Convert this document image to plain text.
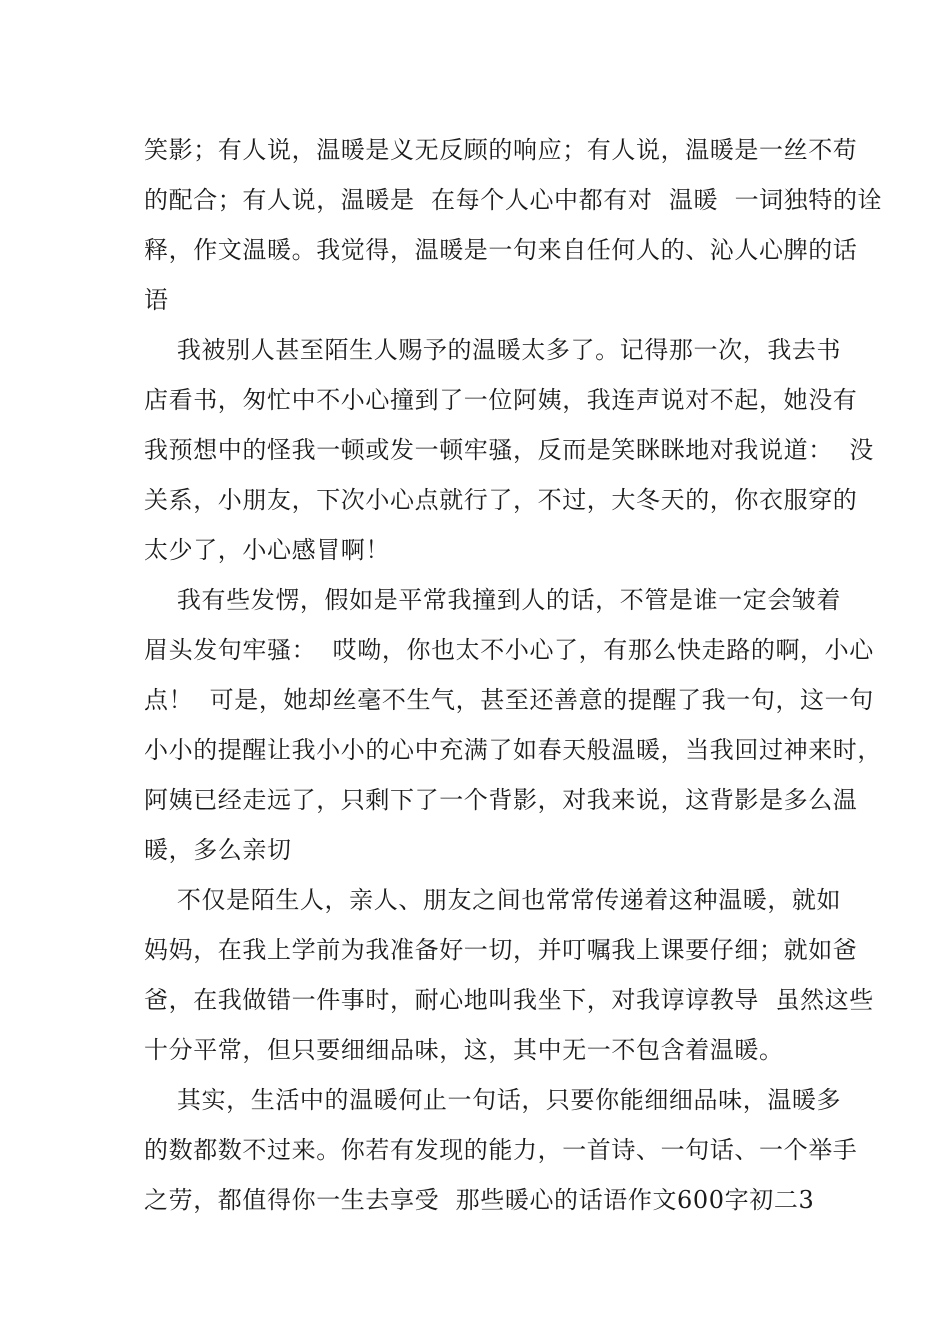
笑影；有人说，温暖是义无反顾的响应；有人说，温暖是一丝不苟
的配合；有人说，温暖是  在每个人心中都有对  温暖  一词独特的诠
释，作文温暖。我觉得，温暖是一句来自任何人的、沁人心脾的话
语
我被别人甚至陌生人赐予的温暖太多了。记得那一次，我去书
店看书，匆忙中不小心撞到了一位阿姨，我连声说对不起，她没有
我预想中的怪我一顿或发一顿牢骚，反而是笑眯眯地对我说道：  没
关系，小朋友，下次小心点就行了，不过，大冬天的，你衣服穿的
太少了，小心感冒啊！
我有些发愣，假如是平常我撞到人的话，不管是谁一定会皱着
眉头发句牢骚：  哎呦，你也太不小心了，有那么快走路的啊，小心
点！  可是，她却丝毫不生气，甚至还善意的提醒了我一句，这一句
小小的提醒让我小小的心中充满了如春天般温暖，当我回过神来时，
阿姨已经走远了，只剩下了一个背影，对我来说，这背影是多么温
暖，多么亲切
不仅是陌生人，亲人、朋友之间也常常传递着这种温暖，就如
妈妈，在我上学前为我准备好一切，并叮嘱我上课要仔细；就如爸
爸，在我做错一件事时，耐心地叫我坐下，对我谆谆教导  虽然这些
十分平常，但只要细细品味，这，其中无一不包含着温暖。
其实，生活中的温暖何止一句话，只要你能细细品味，温暖多
的数都数不过来。你若有发现的能力，一首诗、一句话、一个举手
之劳，都值得你一生去享受  那些暖心的话语作文600字初二3
